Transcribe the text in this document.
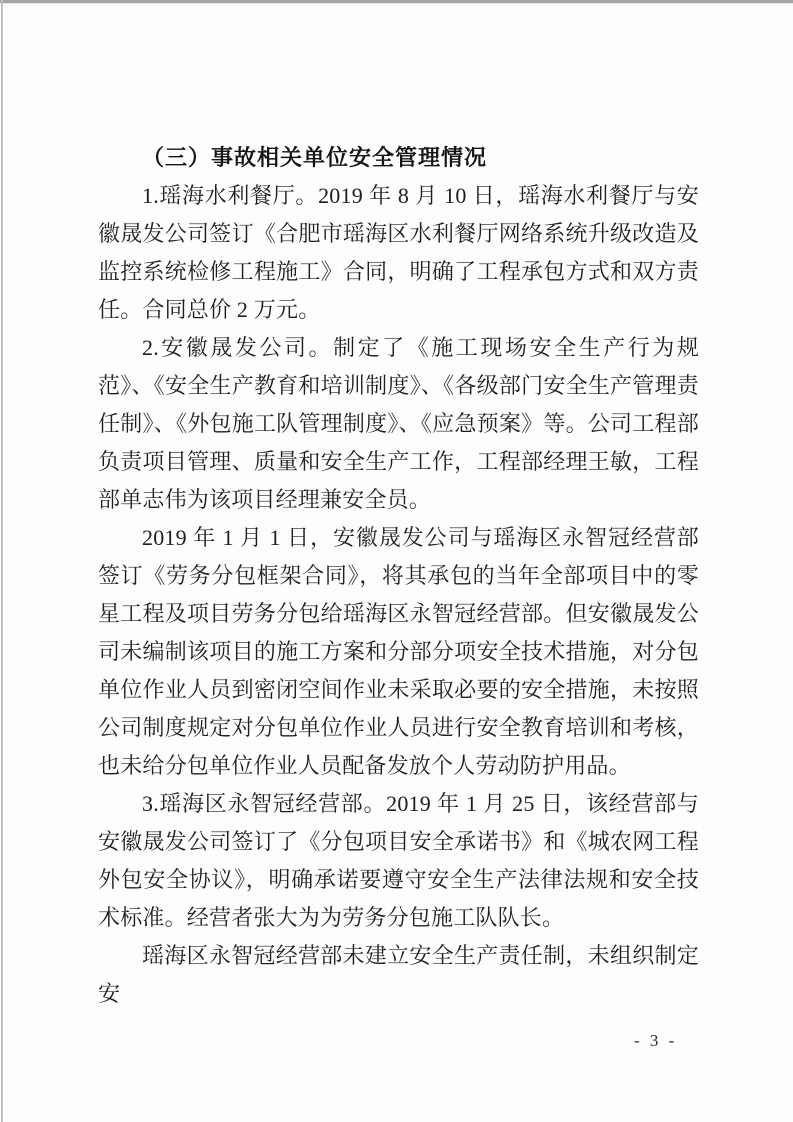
（三）事故相关单位安全管理情况

1.瑶海水利餐厅。2019 年 8 月 10 日，瑶海水利餐厅与安徽晟发公司签订《合肥市瑶海区水利餐厅网络系统升级改造及监控系统检修工程施工》合同，明确了工程承包方式和双方责任。合同总价 2 万元。

2.安徽晟发公司。制定了《施工现场安全生产行为规范》、《安全生产教育和培训制度》、《各级部门安全生产管理责任制》、《外包施工队管理制度》、《应急预案》等。公司工程部负责项目管理、质量和安全生产工作，工程部经理王敏，工程部单志伟为该项目经理兼安全员。

2019 年 1 月 1 日，安徽晟发公司与瑶海区永智冠经营部签订《劳务分包框架合同》，将其承包的当年全部项目中的零星工程及项目劳务分包给瑶海区永智冠经营部。但安徽晟发公司未编制该项目的施工方案和分部分项安全技术措施，对分包单位作业人员到密闭空间作业未采取必要的安全措施，未按照公司制度规定对分包单位作业人员进行安全教育培训和考核，也未给分包单位作业人员配备发放个人劳动防护用品。

3.瑶海区永智冠经营部。2019 年 1 月 25 日，该经营部与安徽晟发公司签订了《分包项目安全承诺书》和《城农网工程外包安全协议》，明确承诺要遵守安全生产法律法规和安全技术标准。经营者张大为为劳务分包施工队队长。

瑶海区永智冠经营部未建立安全生产责任制，未组织制定安

- 3 -
